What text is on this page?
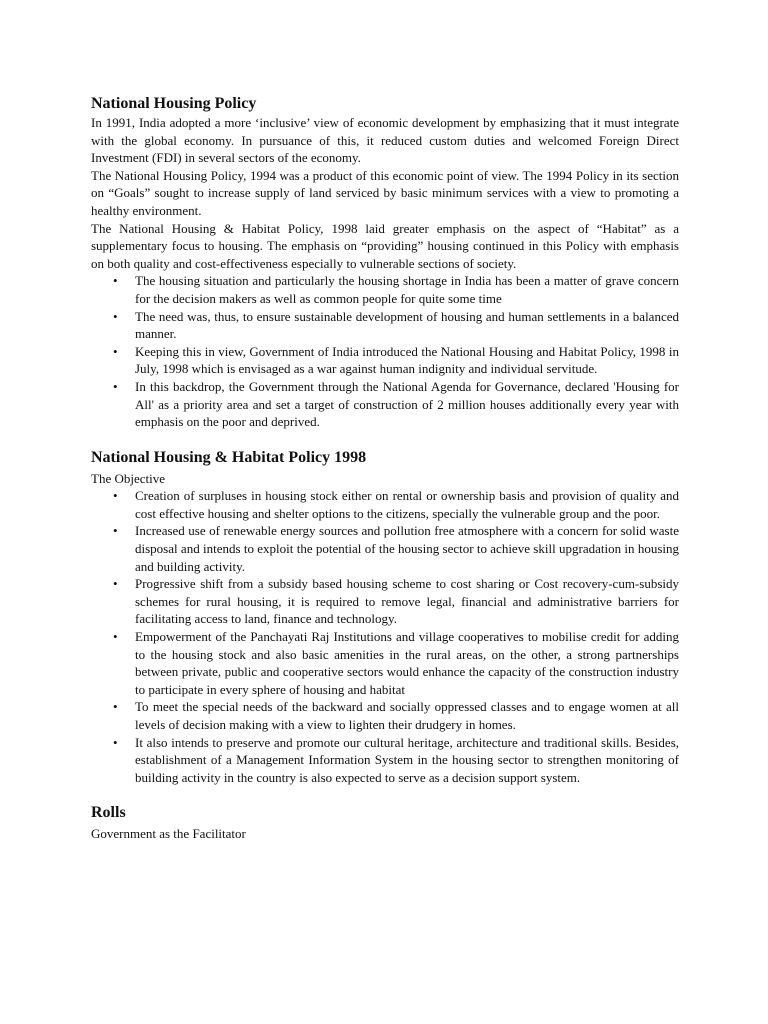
National Housing Policy

In 1991, India adopted a more ‘inclusive’ view of economic development by emphasizing that it must integrate with the global economy. In pursuance of this, it reduced custom duties and welcomed Foreign Direct Investment (FDI) in several sectors of the economy.

The National Housing Policy, 1994 was a product of this economic point of view. The 1994 Policy in its section on “Goals” sought to increase supply of land serviced by basic minimum services with a view to promoting a healthy environment.

The National Housing & Habitat Policy, 1998 laid greater emphasis on the aspect of “Habitat” as a supplementary focus to housing. The emphasis on “providing” housing continued in this Policy with emphasis on both quality and cost-effectiveness especially to vulnerable sections of society.

• The housing situation and particularly the housing shortage in India has been a matter of grave concern for the decision makers as well as common people for quite some time
• The need was, thus, to ensure sustainable development of housing and human settlements in a balanced manner.
• Keeping this in view, Government of India introduced the National Housing and Habitat Policy, 1998 in July, 1998 which is envisaged as a war against human indignity and individual servitude.
• In this backdrop, the Government through the National Agenda for Governance, declared 'Housing for All' as a priority area and set a target of construction of 2 million houses additionally every year with emphasis on the poor and deprived.
National Housing & Habitat Policy 1998

The Objective

• Creation of surpluses in housing stock either on rental or ownership basis and provision of quality and cost effective housing and shelter options to the citizens, specially the vulnerable group and the poor.
• Increased use of renewable energy sources and pollution free atmosphere with a concern for solid waste disposal and intends to exploit the potential of the housing sector to achieve skill upgradation in housing and building activity.
• Progressive shift from a subsidy based housing scheme to cost sharing or Cost recovery-cum-subsidy schemes for rural housing, it is required to remove legal, financial and administrative barriers for facilitating access to land, finance and technology.
• Empowerment of the Panchayati Raj Institutions and village cooperatives to mobilise credit for adding to the housing stock and also basic amenities in the rural areas, on the other, a strong partnerships between private, public and cooperative sectors would enhance the capacity of the construction industry to participate in every sphere of housing and habitat
• To meet the special needs of the backward and socially oppressed classes and to engage women at all levels of decision making with a view to lighten their drudgery in homes.
• It also intends to preserve and promote our cultural heritage, architecture and traditional skills. Besides, establishment of a Management Information System in the housing sector to strengthen monitoring of building activity in the country is also expected to serve as a decision support system.
Rolls

Government as the Facilitator
